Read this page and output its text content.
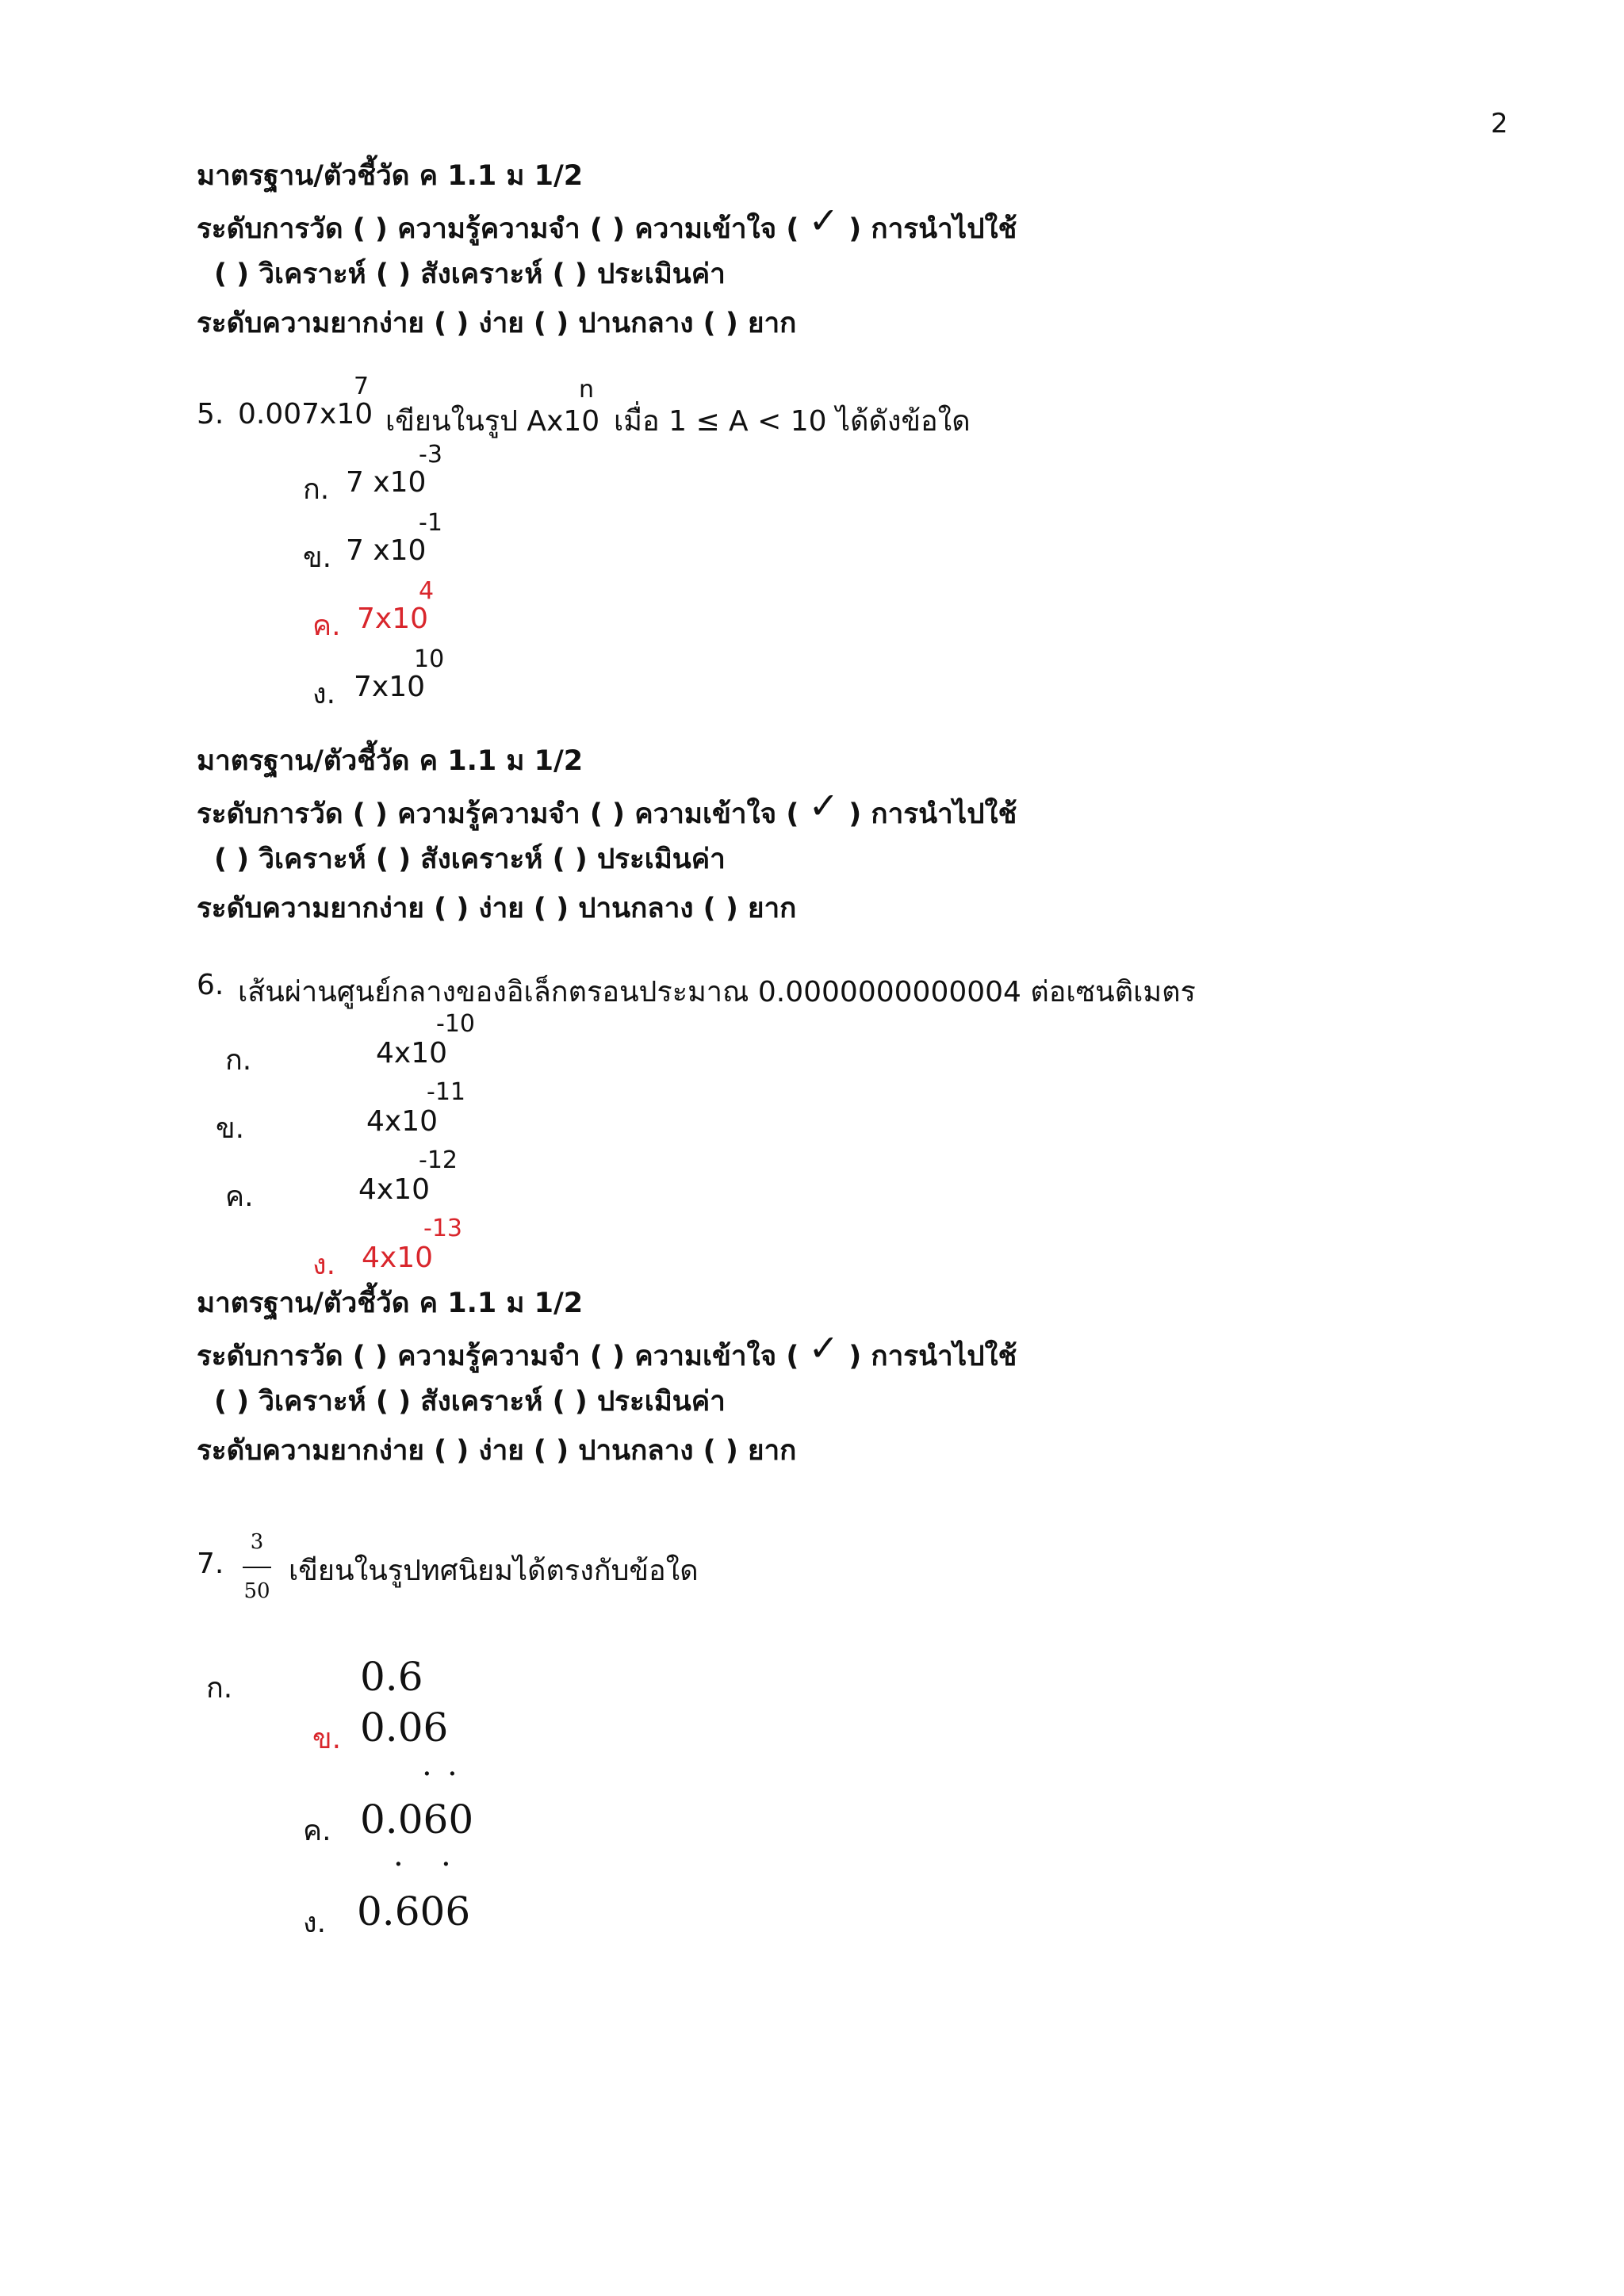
2
มาตรฐาน/ตัวชี้วัด ค 1.1 ม 1/2
ระดับการวัด ( ) ความรู้ความจำ ( ) ความเข้าใจ ( ✓ ) การนำไปใช้
( ) วิเคราะห์ ( ) สังเคราะห์ ( ) ประเมินค่า
ระดับความยากง่าย ( ) ง่าย ( ) ปานกลาง ( ) ยาก
5. 0.007x10
7
เขียนในรูป Ax10
n
เมื่อ 1 ≤ A < 10 ได้ดังข้อใด
ก. 7 x10
-3
ข. 7 x10
-1
ค. 7x10
4
ง. 7x10
10
มาตรฐาน/ตัวชี้วัด ค 1.1 ม 1/2
ระดับการวัด ( ) ความรู้ความจำ ( ) ความเข้าใจ ( ✓ ) การนำไปใช้
( ) วิเคราะห์ ( ) สังเคราะห์ ( ) ประเมินค่า
ระดับความยากง่าย ( ) ง่าย ( ) ปานกลาง ( ) ยาก
6. เส้นผ่านศูนย์กลางของอิเล็กตรอนประมาณ 0.0000000000004 ต่อเซนติเมตร
ก.	4x10
-10
ข.	4x10
-11
ค.	4x10
-12
ง. 4x10
-13
มาตรฐาน/ตัวชี้วัด ค 1.1 ม 1/2
ระดับการวัด ( ) ความรู้ความจำ ( ) ความเข้าใจ ( ✓ ) การนำไปใช้
( ) วิเคราะห์ ( ) สังเคราะห์ ( ) ประเมินค่า
ระดับความยากง่าย ( ) ง่าย ( ) ปานกลาง ( ) ยาก
7.
3
50
เขียนในรูปทศนิยมได้ตรงกับข้อใด
ก.	0.6
ข. 0.06
. .
ค. 0.060
. .
ง. 0.606
